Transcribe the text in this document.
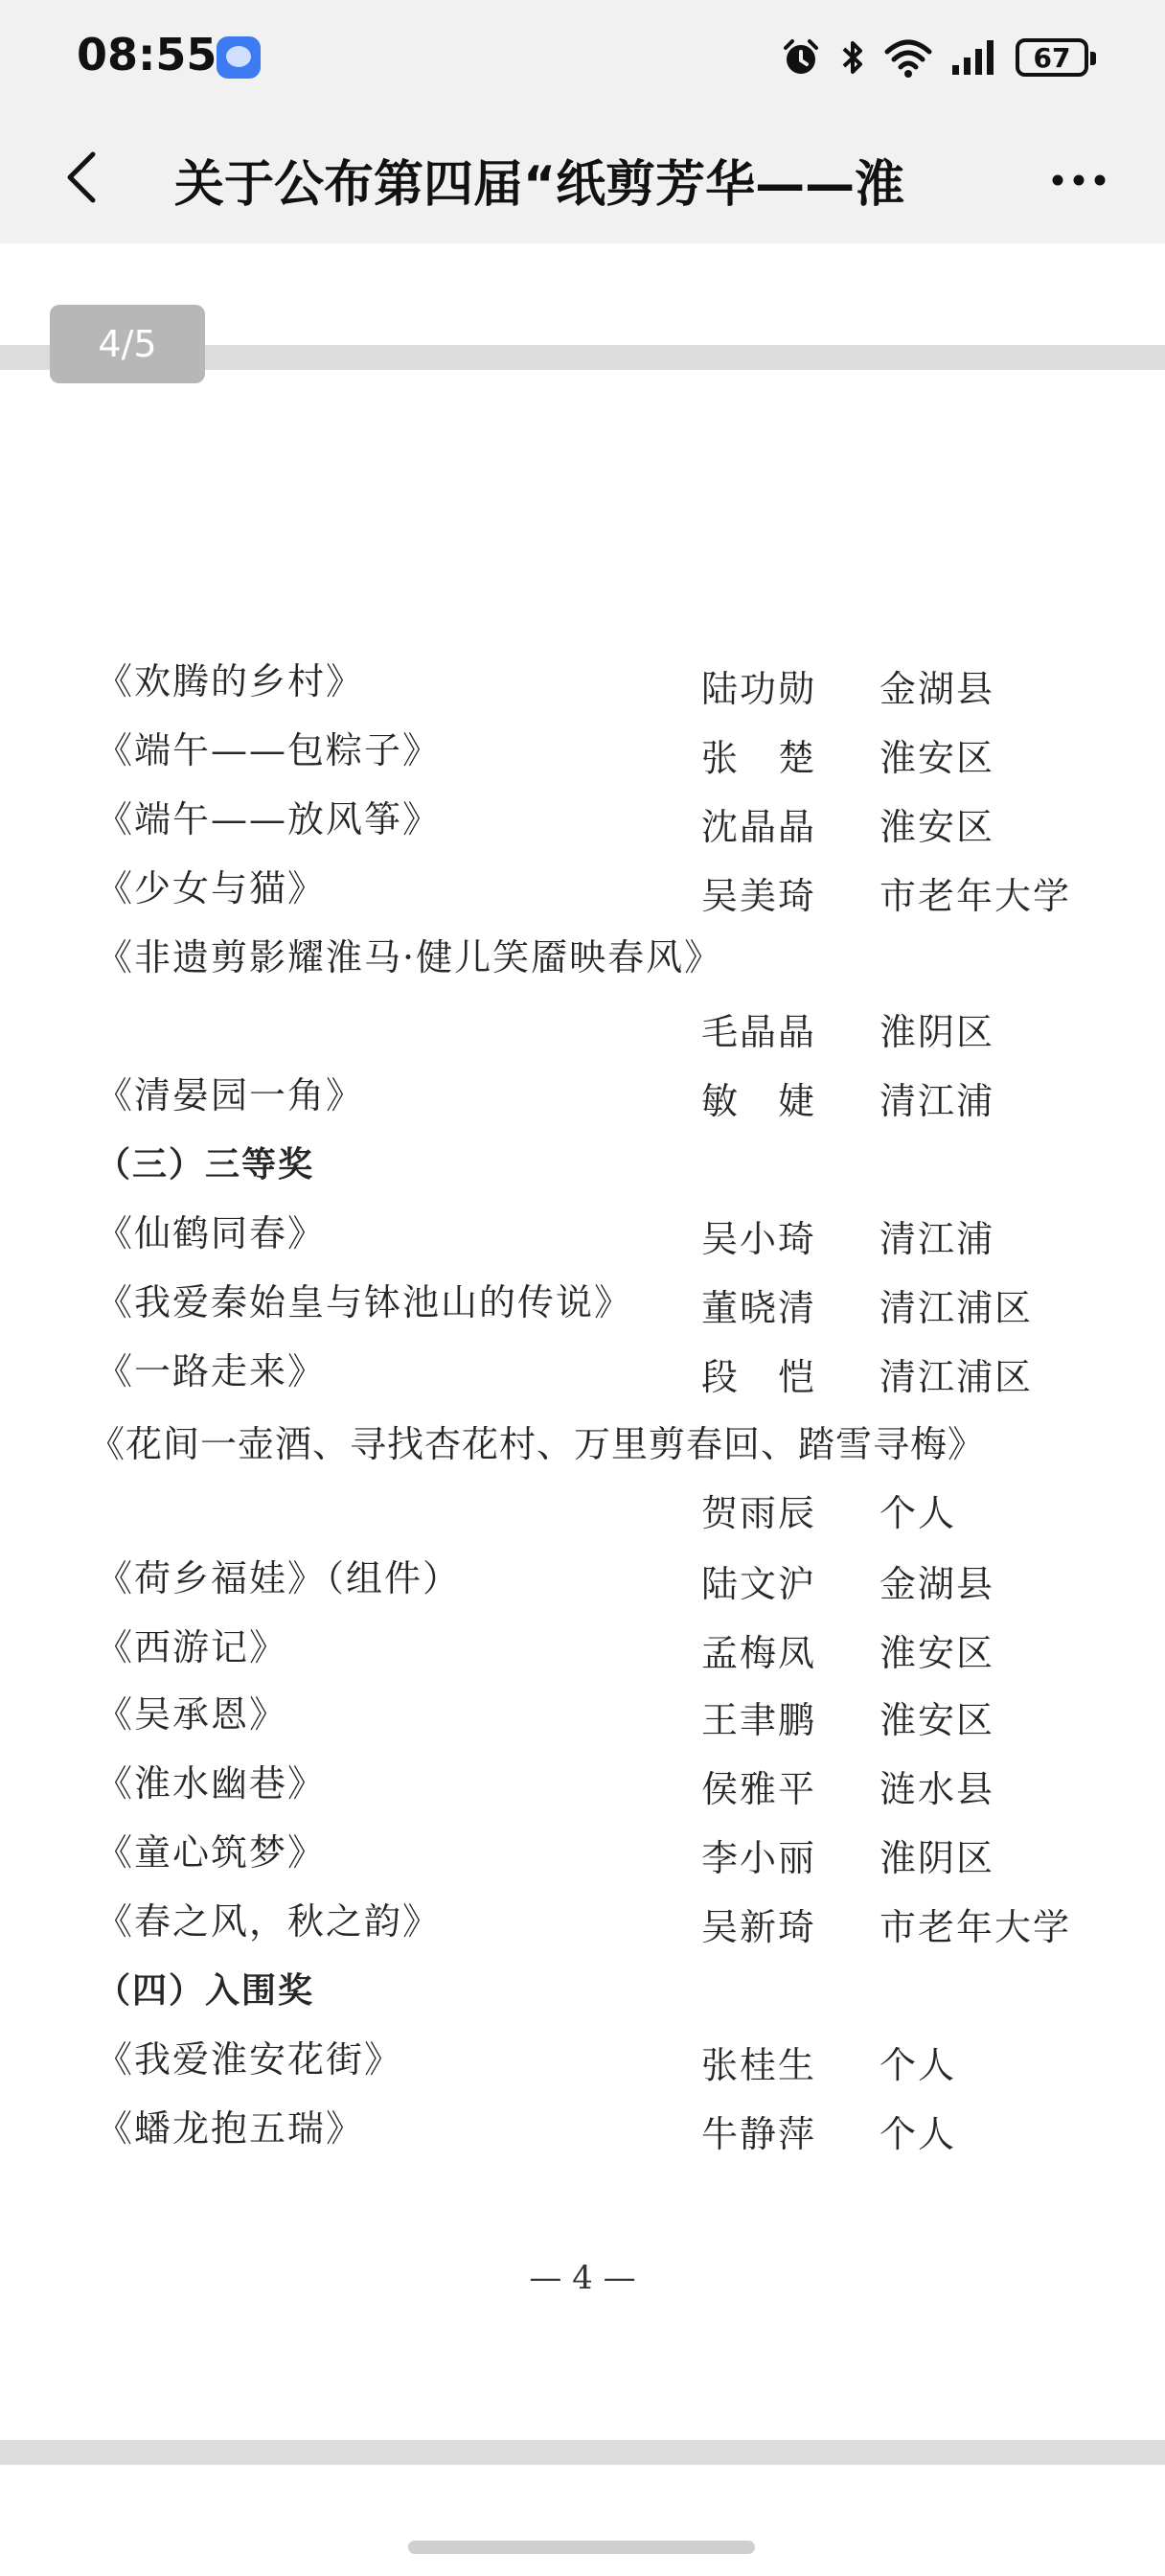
08:55	67
关于公布第四届“纸剪芳华——淮
4/5
《欢腾的乡村》	陆功勋	金湖县
《端午——包粽子》	张　楚	淮安区
《端午——放风筝》	沈晶晶	淮安区
《少女与猫》	吴美琦	市老年大学
《非遗剪影耀淮马·健儿笑靥映春风》
毛晶晶	淮阴区
《清晏园一角》	敏　婕	清江浦
（三）三等奖
《仙鹤同春》	吴小琦	清江浦
《我爱秦始皇与钵池山的传说》 董晓清	清江浦区
《一路走来》	段　恺	清江浦区
《花间一壶酒、寻找杏花村、万里剪春回、踏雪寻梅》
贺雨辰	个人
《荷乡福娃》（组件）	陆文沪	金湖县
《西游记》	孟梅凤	淮安区
《吴承恩》	王聿鹏	淮安区
《淮水幽巷》	侯雅平	涟水县
《童心筑梦》	李小丽	淮阴区
《春之风，秋之韵》	吴新琦	市老年大学
（四）入围奖
《我爱淮安花街》	张桂生	个人
《蟠龙抱五瑞》	牛静萍	个人
— 4 —
